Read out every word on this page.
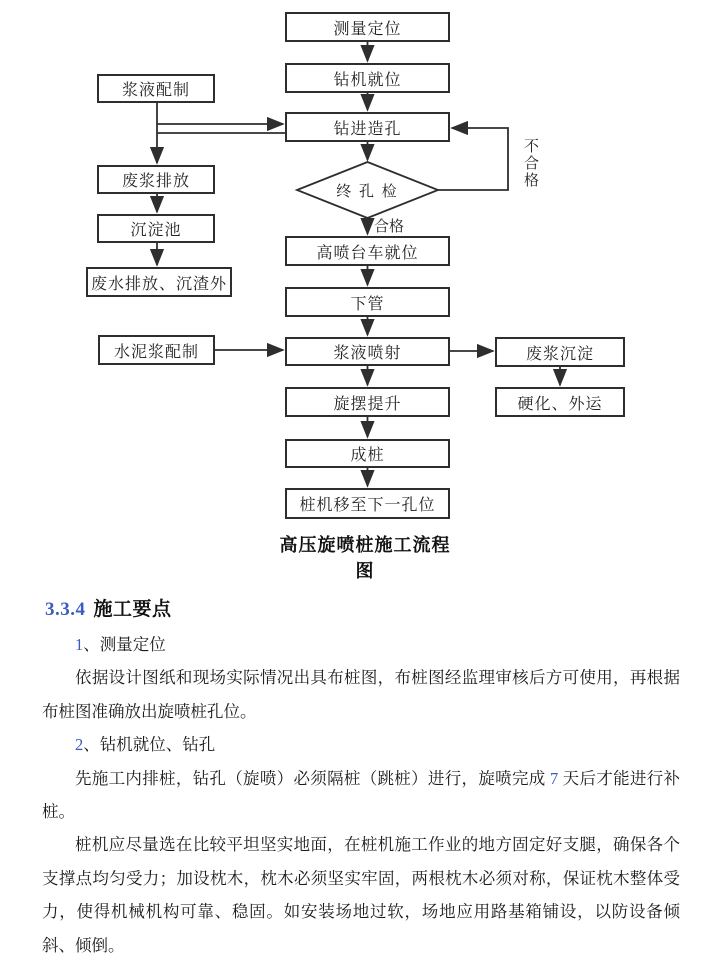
测量定位
钻机就位
钻进造孔
终 孔 检
高喷台车就位
下管
浆液喷射
旋摆提升
成桩
桩机移至下一孔位
浆液配制
废浆排放
沉淀池
废水排放、沉渣外
水泥浆配制	废浆沉淀
硬化、外运
合格
不合格
高压旋喷桩施工流程图
3.3.4 施工要点

1、测量定位

依据设计图纸和现场实际情况出具布桩图，布桩图经监理审核后方可使用，再根据布桩图准确放出旋喷桩孔位。

2、钻机就位、钻孔

先施工内排桩，钻孔（旋喷）必须隔桩（跳桩）进行，旋喷完成 7 天后才能进行补桩。

桩机应尽量选在比较平坦坚实地面，在桩机施工作业的地方固定好支腿，确保各个支撑点均匀受力；加设枕木，枕木必须坚实牢固，两根枕木必须对称，保证枕木整体受力，使得机械机构可靠、稳固。如安装场地过软，场地应用路基箱铺设，以防设备倾斜、倾倒。
